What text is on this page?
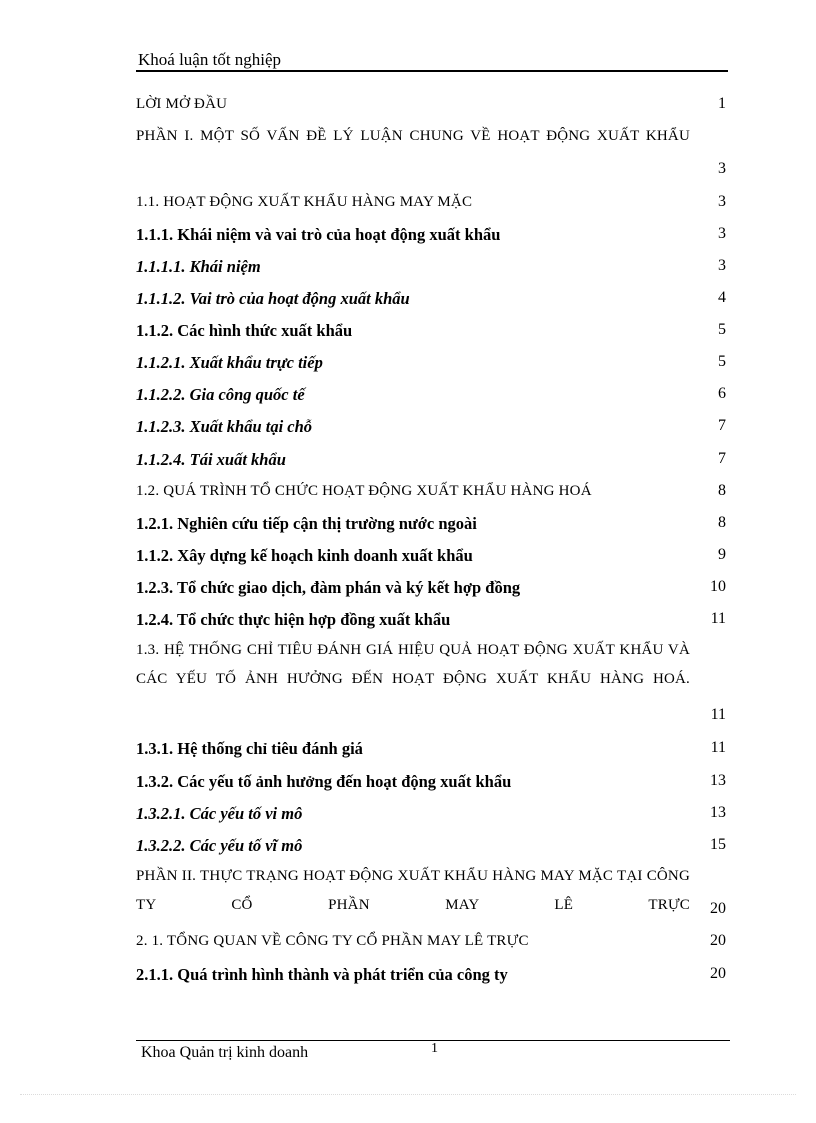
Khoá luận tốt nghiệp
LỜI MỞ ĐẦU	1
PHẦN I. MỘT SỐ VẤN ĐỀ LÝ LUẬN CHUNG VỀ HOẠT ĐỘNG XUẤT KHẨU
3
1.1. HOẠT ĐỘNG XUẤT KHẨU HÀNG MAY MẶC	3
1.1.1. Khái niệm và vai trò của hoạt động xuất khẩu	3
1.1.1.1. Khái niệm	3
1.1.1.2. Vai trò của hoạt động xuất khẩu	4
1.1.2. Các hình thức xuất khẩu	5
1.1.2.1. Xuất khẩu trực tiếp	5
1.1.2.2. Gia công quốc tế	6
1.1.2.3. Xuất khẩu tại chỗ	7
1.1.2.4. Tái xuất khẩu	7
1.2. QUÁ TRÌNH TỔ CHỨC HOẠT ĐỘNG XUẤT KHẨU HÀNG HOÁ	8
1.2.1. Nghiên cứu tiếp cận thị trường nước ngoài	8
1.1.2. Xây dựng kế hoạch kinh doanh xuất khẩu	9
1.2.3. Tổ chức giao dịch, đàm phán và ký kết hợp đồng	10
1.2.4. Tổ chức thực hiện hợp đồng xuất khẩu	11
1.3. HỆ THỐNG CHỈ TIÊU ĐÁNH GIÁ HIỆU QUẢ HOẠT ĐỘNG XUẤT KHẨU VÀ CÁC YẾU TỐ ẢNH HƯỞNG ĐẾN HOẠT ĐỘNG XUẤT KHẨU HÀNG HOÁ.
11
1.3.1. Hệ thống chỉ tiêu đánh giá	11
1.3.2. Các yếu tố ảnh hưởng đến hoạt động xuất khẩu	13
1.3.2.1. Các yếu tố vi mô	13
1.3.2.2. Các yếu tố vĩ mô	15
PHẦN II. THỰC TRẠNG HOẠT ĐỘNG XUẤT KHẨU HÀNG MAY MẶC TẠI CÔNG TY CỔ PHẦN MAY LÊ TRỰC	20
2. 1. TỔNG QUAN VỀ CÔNG TY CỔ PHẦN MAY LÊ TRỰC	20
2.1.1. Quá trình hình thành và phát triển của công ty	20
Khoa Quản trị kinh doanh	1
